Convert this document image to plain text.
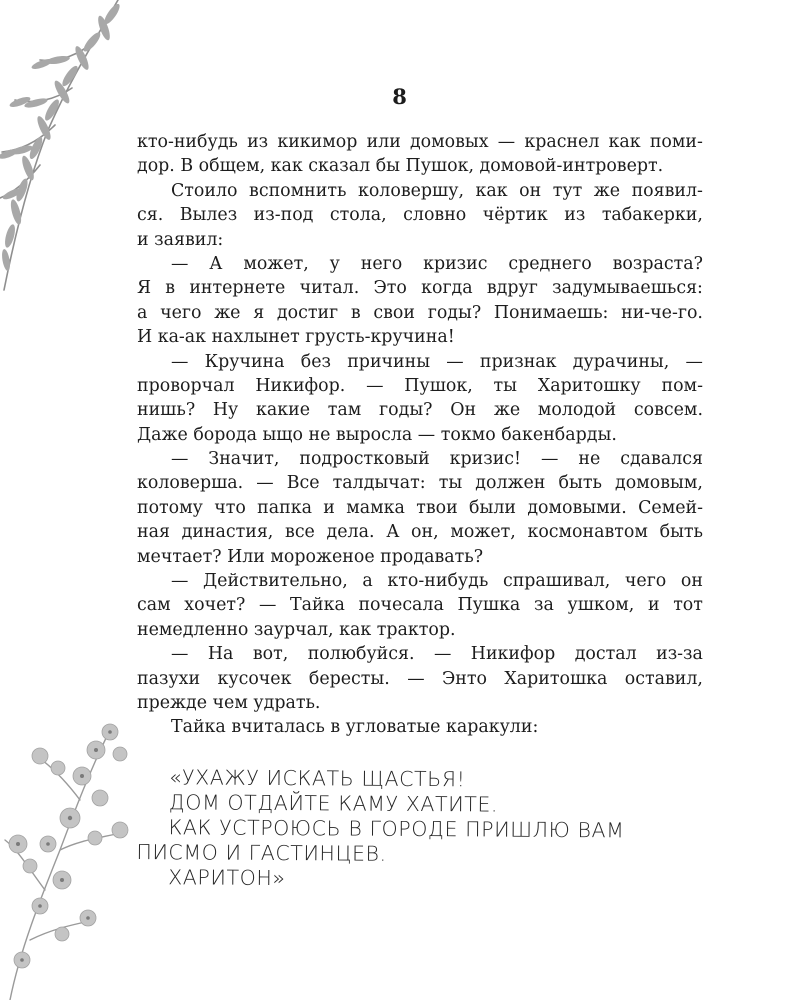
8
кто-нибудь из кикимор или домовых — краснел как поми-
дор. В общем, как сказал бы Пушок, домовой-интроверт.
Стоило вспомнить коловершу, как он тут же появил-
ся. Вылез из-под стола, словно чёртик из табакерки,
и заявил:
— А может, у него кризис среднего возраста?
Я в интернете читал. Это когда вдруг задумываешься:
а чего же я достиг в свои годы? Понимаешь: ни-че-го.
И ка-ак нахлынет грусть-кручина!
— Кручина без причины — признак дурачины, —
проворчал Никифор. — Пушок, ты Харитошку пом-
нишь? Ну какие там годы? Он же молодой совсем.
Даже борода ыщо не выросла — токмо бакенбарды.
— Значит, подростковый кризис! — не сдавался
коловерша. — Все талдычат: ты должен быть домовым,
потому что папка и мамка твои были домовыми. Семей-
ная династия, все дела. А он, может, космонавтом быть
мечтает? Или мороженое продавать?
— Действительно, а кто-нибудь спрашивал, чего он
сам хочет? — Тайка почесала Пушка за ушком, и тот
немедленно заурчал, как трактор.
— На вот, полюбуйся. — Никифор достал из-за
пазухи кусочек бересты. — Энто Харитошка оставил,
прежде чем удрать.
Тайка вчиталась в угловатые каракули:
«УХАЖУ ИСКАТЬ ЩАСТЬЯ!
ДОМ ОТДАЙТЕ КАМУ ХАТИТЕ.
КАК УСТРОЮСЬ В ГОРОДЕ ПРИШЛЮ ВАМ
ПИСМО И ГАСТИНЦЕВ.
ХАРИТОН»
